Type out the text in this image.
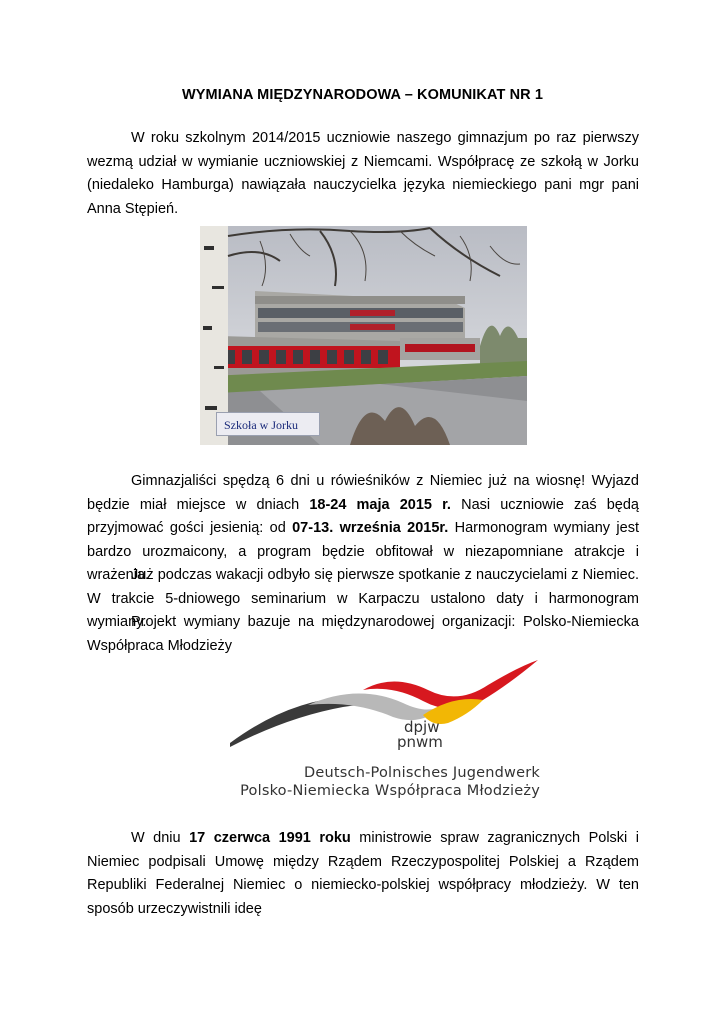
WYMIANA MIĘDZYNARODOWA – KOMUNIKAT NR 1

W roku szkolnym 2014/2015 uczniowie naszego gimnazjum po raz pierwszy wezmą udział w wymianie uczniowskiej z Niemcami. Współpracę ze szkołą w Jorku (niedaleko Hamburga) nawiązała nauczycielka języka niemieckiego pani mgr pani Anna Stępień.

Szkoła w Jorku

Gimnazjaliści spędzą 6 dni u rówieśników z Niemiec już na wiosnę! Wyjazd będzie miał miejsce w dniach 18-24 maja 2015 r. Nasi uczniowie zaś będą przyjmować gości jesienią: od 07-13. września 2015r. Harmonogram wymiany jest bardzo urozmaicony, a program będzie obfitował w niezapomniane atrakcje i wrażenia.

Już podczas wakacji odbyło się pierwsze spotkanie z nauczycielami z Niemiec. W trakcie 5-dniowego seminarium w Karpaczu ustalono daty i harmonogram wymiany.

Projekt wymiany bazuje na międzynarodowej organizacji: Polsko-Niemiecka Współpraca Młodzieży

dpjw
pnwm
Deutsch-Polnisches Jugendwerk
Polsko-Niemiecka Współpraca Młodzieży

W dniu 17 czerwca 1991 roku ministrowie spraw zagranicznych Polski i Niemiec podpisali Umowę między Rządem Rzeczypospolitej Polskiej a Rządem Republiki Federalnej Niemiec o niemiecko-polskiej współpracy młodzieży. W ten sposób urzeczywistnili ideę
